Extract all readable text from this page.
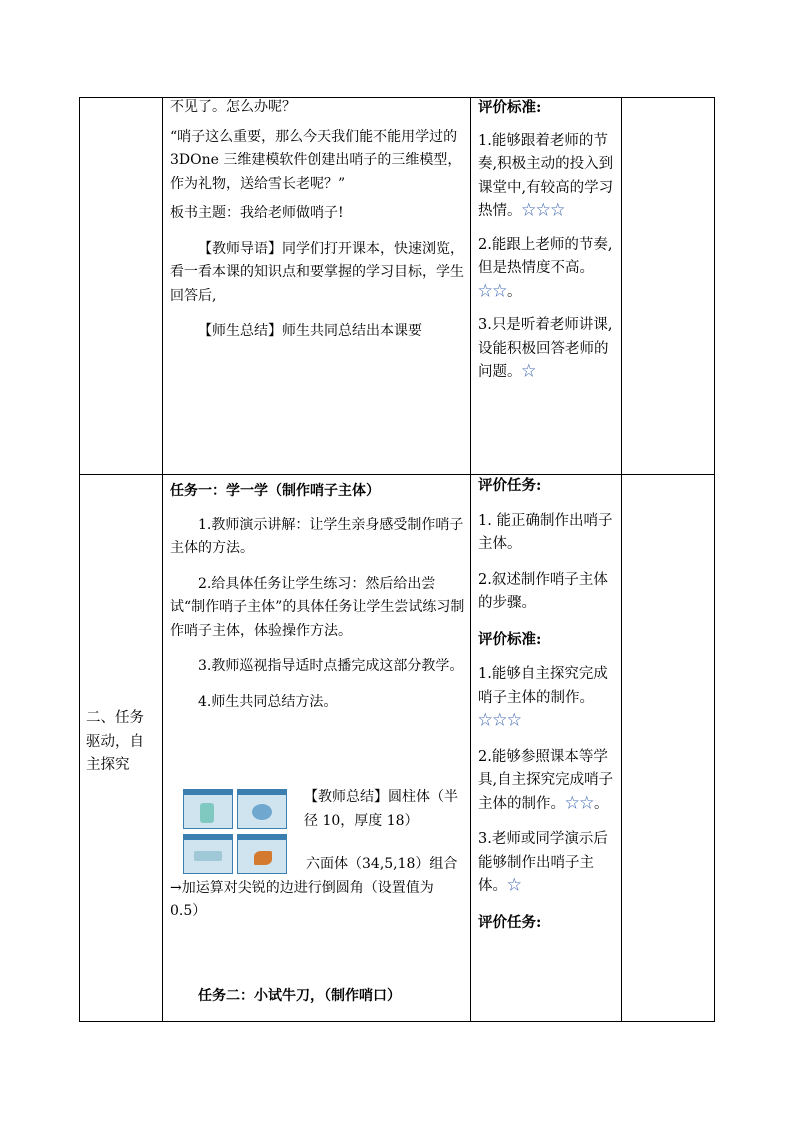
不见了。怎么办呢？

“哨子这么重要，那么今天我们能不能用学过的 3DOne 三维建模软件创建出哨子的三维模型，作为礼物，送给雪长老呢？”

板书主题：我给老师做哨子!

【教师导语】同学们打开课本，快速浏览，看一看本课的知识点和要掌握的学习目标，学生回答后,

【师生总结】师生共同总结出本课要

评价标准:

1.能够跟着老师的节奏,积极主动的投入到课堂中,有较高的学习热情。☆☆☆

2.能跟上老师的节奏,但是热情度不高。☆☆。

3.只是听着老师讲课,设能积极回答老师的问题。☆

二、任务驱动，自主探究

任务一：学一学（制作哨子主体）

1.教师演示讲解：让学生亲身感受制作哨子主体的方法。

2.给具体任务让学生练习：然后给出尝试“制作哨子主体”的具体任务让学生尝试练习制作哨子主体，体验操作方法。

3.教师巡视指导适时点播完成这部分教学。

4.师生共同总结方法。

【教师总结】圆柱体（半径 10，厚度 18）
六面体（34,5,18）组合→加运算对尖锐的边进行倒圆角（设置值为 0.5）
任务二：小试牛刀，（制作哨口）

评价任务:

1. 能正确制作出哨子主体。

2.叙述制作哨子主体的步骤。

评价标准:

1.能够自主探究完成哨子主体的制作。☆☆☆

2.能够参照课本等学具,自主探究完成哨子主体的制作。☆☆。

3.老师或同学演示后能够制作出哨子主体。☆

评价任务:
